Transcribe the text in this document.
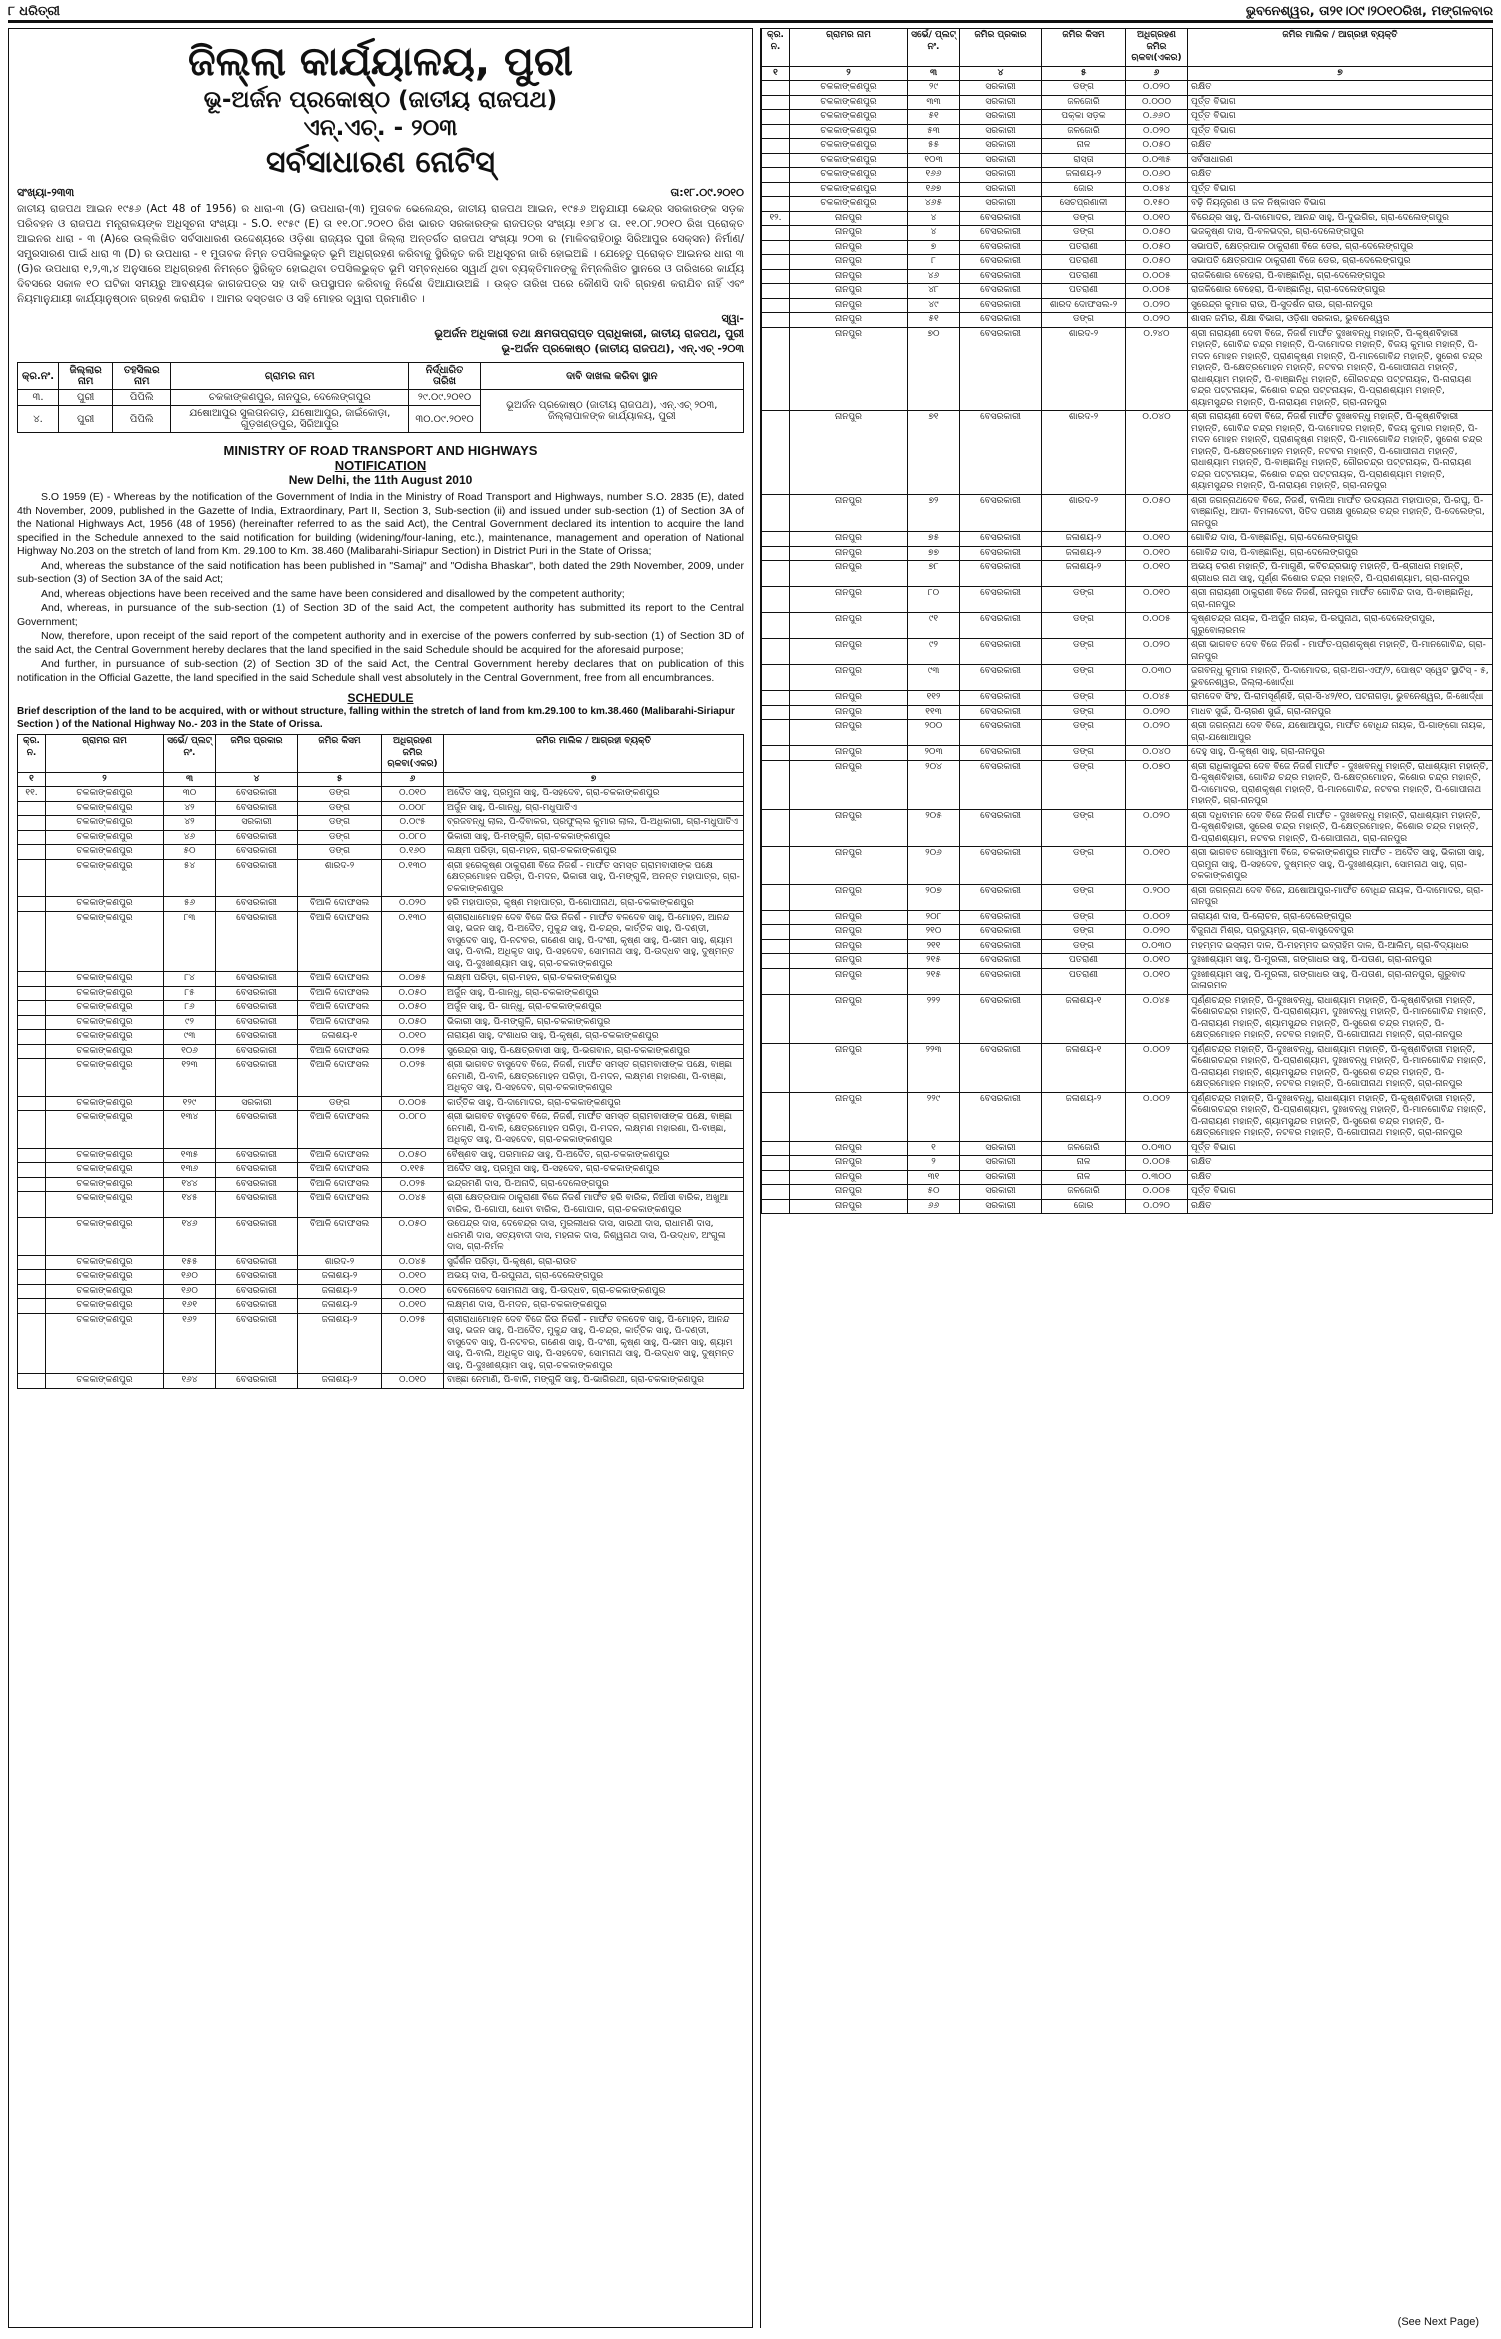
୮ ଧରିତ୍ରୀ	ଭୁବନେଶ୍ୱର, ତା୨୧।୦୯।୨୦୧୦ରିଖ, ମଙ୍ଗଳବାର
ଜିଲ୍ଲା କାର୍ଯ୍ୟାଳୟ, ପୁରୀ
ଭୂ-ଅର୍ଜନ ପ୍ରକୋଷ୍ଠ (ଜାତୀୟ ରାଜପଥ)
ଏନ୍.ଏଚ୍. - ୨୦୩
ସର୍ବସାଧାରଣ ନୋଟିସ୍
ସଂଖ୍ୟା-୨୩୩	ତା:୧୮.୦୯.୨୦୧୦
ଜାତୀୟ ରାଜପଥ ଆଇନ ୧୯୫୬ (Act 48 of 1956) ର ଧାରା-୩ (G) ଉପଧାରା-(୩) ମୁତାବକ ଭେଲେନ୍ଦ୍ର, ଜାତୀୟ ରାଜପଥ ଆଇନ, ୧୯୫୬ ଅନୁଯାୟୀ ଭେନ୍ଦ୍ର ସରକାରଙ୍କ ସଡ଼କ ପରିବହନ ଓ ରାଜପଥ ମନ୍ତ୍ରାଳୟଙ୍କ ଅଧିସୂଚନା ସଂଖ୍ୟା - S.O. ୧୯୫୯ (E) ତା ୧୧.୦୮.୨୦୧୦ ରିଖ ଭାରତ ସରକାରଙ୍କ ରାଜପତ୍ର ସଂଖ୍ୟା ୧୬୮୪ ତା. ୧୧.୦୮.୨୦୧୦ ରିଖ ପ୍ରୋକ୍ତ ଆଇନର ଧାରା - ୩ (A)ରେ ଉଲ୍ଲିଖିତ ସର୍ବସାଧାରଣ ଉଦ୍ଦେଶ୍ୟରେ ଓଡ଼ିଶା ରାଜ୍ୟର ପୁରୀ ଜିଲ୍ଲା ଅନ୍ତର୍ଗତ ରାଜପଥ ସଂଖ୍ୟା ୨୦୩ ର (ମାଳିବରାହିଠାରୁ ସିରିଆପୁର ସେକ୍ସନ) ନିର୍ମାଣ/ସମ୍ପ୍ରସାରଣ ପାଇଁ ଧାରା ୩ (D) ର ଉପଧାରା - ୧ ମୁତାବକ ନିମ୍ନ ତପସିଲଭୁକ୍ତ ଭୂମି ଅଧିଗ୍ରହଣ କରିବାକୁ ସ୍ଥିରିକୃତ କରି ଅଧିସୂଚନା ଜାରି ହୋଇଅଛି । ଯେହେତୁ ପ୍ରୋକ୍ତ ଆଇନର ଧାରା ୩ (G)ର ଉପଧାରା ୧,୨,୩,୪ ଅନୁସାରେ ଅଧିଗ୍ରହଣ ନିମନ୍ତେ ସ୍ଥିରିକୃତ ହୋଇଥିବା ତପସିଲଭୁକ୍ତ ଭୂମି ସମ୍ବନ୍ଧରେ ସ୍ୱାର୍ଥ ଥିବା ବ୍ୟକ୍ତିମାନଙ୍କୁ ନିମ୍ନଲିଖିତ ସ୍ଥାନରେ ଓ ତାରିଖରେ କାର୍ଯ୍ୟ ଦିବସରେ ସକାଳ ୧୦ ଘଟିକା ସମୟରୁ ଆବଶ୍ୟକ କାଗଜପତ୍ର ସହ ଦାବି ଉପସ୍ଥାପନ କରିବାକୁ ନିର୍ଦ୍ଦେଶ ଦିଆଯାଉଅଛି । ଉକ୍ତ ତାରିଖ ପରେ କୌଣସି ଦାବି ଗ୍ରହଣ କରାଯିବ ନାହିଁ ଏବଂ ନିୟମାନୁଯାୟୀ କାର୍ଯ୍ୟାନୁଷ୍ଠାନ ଗ୍ରହଣ କରାଯିବ । ଆମର ଦସ୍ତଖତ ଓ ସହି ମୋହର ଦ୍ୱାରା ପ୍ରମାଣିତ ।
ସ୍ୱା-
ଭୂଅର୍ଜନ ଅଧିକାରୀ ତଥା କ୍ଷମତାପ୍ରାପ୍ତ ପ୍ରାଧିକାରୀ, ଜାତୀୟ ରାଜପଥ, ପୁରୀ
ଭୂ-ଅର୍ଜନ ପ୍ରକୋଷ୍ଠ (ଜାତୀୟ ରାଜପଥ), ଏନ୍.ଏଚ୍ -୨୦୩
କ୍ର.ନଂ.	ଜିଲ୍ଲାର ନାମ	ତହସିଲର ନାମ	ଗ୍ରାମର ନାମ	ନିର୍ଦ୍ଧାରିତ ତାରିଖ	ଦାବି ଦାଖଲ କରିବା ସ୍ଥାନ
୩.	ପୁରୀ	ପିପିଲି	ଚକକାଙ୍କଣପୁର, ନାନପୁର, ଦେଲେଙ୍ଗପୁର	୨୯.୦୯.୨୦୧୦	ଭୂଅର୍ଜନ ପ୍ରକୋଷ୍ଠ (ଜାତୀୟ ରାଜପଥ), ଏନ୍.ଏଚ୍ ୨୦୩, ଜିଲ୍ଲାପାଳଙ୍କ କାର୍ଯ୍ୟାଳୟ, ପୁରୀ
୪.	ପୁରୀ	ପିପିଲି	ଯଷୋଆପୁର ସୁଲତାନଗଡ଼, ଯଷୋଆପୁର, ଜାଇଁକୋଡ଼ା, ଗୁଡ଼ଖଣ୍ଡପୁର, ସିରିଆପୁର	୩୦.୦୯.୨୦୧୦	
MINISTRY OF ROAD TRANSPORT AND HIGHWAYS
NOTIFICATION
New Delhi, the 11th August 2010
S.O 1959 (E) - Whereas by the notification of the Government of India in the Ministry of Road Transport and Highways, number S.O. 2835 (E), dated 4th November, 2009, published in the Gazette of India, Extraordinary, Part II, Section 3, Sub-section (ii) and issued under sub-section (1) of Section 3A of the National Highways Act, 1956 (48 of 1956) (hereinafter referred to as the said Act), the Central Government declared its intention to acquire the land specified in the Schedule annexed to the said notification for building (widening/four-laning, etc.), maintenance, management and operation of National Highway No.203 on the stretch of land from Km. 29.100 to Km. 38.460 (Malibarahi-Siriapur Section) in District Puri in the State of Orissa;
And, whereas the substance of the said notification has been published in "Samaj" and "Odisha Bhaskar", both dated the 29th November, 2009, under sub-section (3) of Section 3A of the said Act;
And, whereas objections have been received and the same have been considered and disallowed by the competent authority;
And, whereas, in pursuance of the sub-section (1) of Section 3D of the said Act, the competent authority has submitted its report to the Central Government;
Now, therefore, upon receipt of the said report of the competent authority and in exercise of the powers conferred by sub-section (1) of Section 3D of the said Act, the Central Government hereby declares that the land specified in the said Schedule should be acquired for the aforesaid purpose;
And further, in pursuance of sub-section (2) of Section 3D of the said Act, the Central Government hereby declares that on publication of this notification in the Official Gazette, the land specified in the said Schedule shall vest absolutely in the Central Government, free from all encumbrances.
SCHEDULE
Brief description of the land to be acquired, with or without structure, falling within the stretch of land from km.29.100 to km.38.460 (Malibarahi-Siriapur Section ) of the National Highway No.- 203 in the State of Orissa.
କ୍ର. ନ.	ଗ୍ରାମର ନାମ	ସର୍ଭେ/ ପ୍ଲଟ୍ ନଂ.	ଜମିର ପ୍ରକାର	ଜମିର କିସମ	ଅଧିଗ୍ରହଣ ଜମିର ଋକବା(ଏକର)	ଜମିର ମାଲିକ / ଆଗ୍ରହୀ ବ୍ୟକ୍ତି
୧	୨	୩	୪	୫	୬	୭
୧୧.	ଚକକାଙ୍କଣପୁର	୩୦	ବେସରକାରୀ	ଡଙ୍ଗ	୦.୦୧୦	ଅଦୈତ ସାହୁ, ପ୍ରମୁନା ସାହୁ, ପି-ସହଦେବ, ଗ୍ରା-ଚକକାଙ୍କଣପୁର
	ଚକକାଙ୍କଣପୁର	୪୨	ବେସରକାରୀ	ଡଙ୍ଗ	୦.୦୦୮	ଅର୍ଜୁନ ସାହୁ, ପି-ଗାନ୍ଧୁ, ଗ୍ରା-ମଧୁପାତିଏ
	ଚକକାଙ୍କଣପୁର	୪୨	ସରକାରୀ	ଡଙ୍ଗ	୦.୦୯୫	ବ୍ରଜବନ୍ଧୁ ଲାଲ, ପି-ଦିବାକର, ପ୍ରଫୁଲ୍ଲ କୁମାର ଲାଲ, ପି-ଅଧିକାରୀ, ଗ୍ରା-ମଧୁପାତିଏ
	ଚକକାଙ୍କଣପୁର	୪୬	ବେସରକାରୀ	ଡଙ୍ଗ	୦.୦୮୦	ଭିକାରୀ ସାହୁ, ପି-ମଙ୍ଗୁଳି, ଗ୍ରା-ଚକକାଙ୍କଣପୁର
	ଚକକାଙ୍କଣପୁର	୫୦	ବେସରକାରୀ	ଡଙ୍ଗ	୦.୧୬୦	ଲକ୍ଷ୍ମୀ ପରିଡ଼ା, ଗ୍ରା-ମହନ, ଗ୍ରା-ଚକକାଙ୍କଣପୁର
	ଚକକାଙ୍କଣପୁର	୫୪	ବେସରକାରୀ	ଶାରଦ-୨	୦.୧୩୦	ଶ୍ରୀ ହରେକୃଷ୍ଣ ଠାକୁରାଣୀ ବିଜେ ନିଜର୍ଶ - ମାର୍ଫତ ସମସ୍ତ ଗ୍ରାମବାସୀଙ୍କ ପକ୍ଷେ କ୍ଷେତ୍ରମୋହନ ପରିଡ଼ା, ପି-ମଦନ, ଭିକାରୀ ସାହୁ, ପି-ମଙ୍ଗୁଳି, ଅନନ୍ତ ମହାପାତ୍ର, ଗ୍ରା-ଚକକାଙ୍କଣପୁର
	ଚକକାଙ୍କଣପୁର	୫୬	ବେସରକାରୀ	ବିଆଳି ଦୋଫସଲ	୦.୦୨୦	ହରି ମହାପାତ୍ର, କୃଷ୍ଣ ମହାପାତ୍ର, ପି-ଗୋପୀନାଥ, ଗ୍ରା-ଚକକାଙ୍କଣପୁର
	ଚକକାଙ୍କଣପୁର	୮୩	ବେସରକାରୀ	ବିଆଳି ଦୋଫସଲ	୦.୧୩୦	ଶ୍ରୀରାଧାମୋହନ ଦେବ ବିଜେ ଜିଉ ନିଜର୍ଶ - ମାର୍ଫତ ବଳଦେବ ସାହୁ, ପି-ମୋହନ, ଆନନ୍ଦ ସାହୁ, ଭଜନ ସାହୁ, ପି-ଅଦୈତ, ମୁକୁନ୍ଦ ସାହୁ, ପି-ଚନ୍ଦ୍ର, କାର୍ତ୍ତିକ ସାହୁ, ପି-ଦଣ୍ଡୀ, ବାସୁଦେବ ସାହୁ, ପି-ନଟବର, ଗଣେଶ ସାହୁ, ପି-ଦଂଶୀ, କୃଷ୍ଣ ସାହୁ, ପି-ଭୀମ ସାହୁ, ଶ୍ୟାମ ସାହୁ, ପି-ବାଲି, ଅଧିକୃତ ସାହୁ, ପି-ସହଦେବ, ସୋମନାଥ ସାହୁ, ପି-ଉଦ୍ଧବ ସାହୁ, ଦୁଷ୍ମନ୍ତ ସାହୁ, ପି-ଦୁଃଖୀଶ୍ୟାମ ସାହୁ, ଗ୍ରା-ଚକକାଙ୍କଣପୁର
	ଚକକାଙ୍କଣପୁର	୮୪	ବେସରକାରୀ	ବିଆଳି ଦୋଫସଲ	୦.୦୭୫	ଲକ୍ଷ୍ମୀ ପରିଡ଼ା, ଗ୍ରା-ମହନ, ଗ୍ରା-ଚକକାଙ୍କଣପୁର
	ଚକକାଙ୍କଣପୁର	୮୫	ବେସରକାରୀ	ବିଆଳି ଦୋଫସଲ	୦.୦୫୦	ଅର୍ଜୁନ ସାହୁ, ପି-ଗାନ୍ଧୁ, ଗ୍ରା-ଚକକାଙ୍କଣପୁର
	ଚକକାଙ୍କଣପୁର	୮୬	ବେସରକାରୀ	ବିଆଳି ଦୋଫସଲ	୦.୦୫୦	ଅର୍ଜୁନ ସାହୁ, ପି- ଗାନ୍ଧୁ, ଗ୍ରା-ଚକକାଙ୍କଣପୁର
	ଚକକାଙ୍କଣପୁର	୯୨	ବେସରକାରୀ	ବିଆଳି ଦୋଫସଲ	୦.୦୫୦	ଭିକାରୀ ସାହୁ, ପି-ମଙ୍ଗୁଳି, ଗ୍ରା-ଚକକାଙ୍କଣପୁର
	ଚକକାଙ୍କଣପୁର	୯୩	ବେସରକାରୀ	ଜଳାଶୟ-୧	୦.୦୧୦	ନାରାୟଣ ସାହୁ, ଦଂଶାଧର ସାହୁ, ପି-କୃଷ୍ଣ, ଗ୍ରା-ଚକକାଙ୍କଣପୁର
	ଚକକାଙ୍କଣପୁର	୧୦୬	ବେସରକାରୀ	ବିଆଳି ଦୋଫସଲ	୦.୦୨୫	ସୁରେନ୍ଦ୍ର ସାହୁ, ପି-କ୍ଷେତ୍ରବାସୀ ସାହୁ, ପି-ଭଗବାନ, ଗ୍ରା-ଚକକାଙ୍କଣପୁର
	ଚକକାଙ୍କଣପୁର	୧୨୩	ବେସରକାରୀ	ବିଆଳି ଦୋଫସଲ	୦.୦୨୫	ଶ୍ରୀ ଭାଗବତ ବାସୁଦେବ ବିଜେ, ନିଜର୍ଶ, ମାର୍ଫତ ସମସ୍ତ ଗ୍ରାମବାସୀଙ୍କ ପକ୍ଷେ, ବାଞ୍ଛା ନେମାଣି, ପି-ବାଳି, କ୍ଷେତ୍ରମୋହନ ପରିଡ଼ା, ପି-ମଦନ, ଲକ୍ଷ୍ମଣ ମହାରଣା, ପି-ବାଞ୍ଛା, ଅଧିକୃତ ସାହୁ, ପି-ସହଦେବ, ଗ୍ରା-ଚକକାଙ୍କଣପୁର
	ଚକକାଙ୍କଣପୁର	୧୨୯	ସରକାରୀ	ଡଙ୍ଗ	୦.୦୦୫	କାର୍ତ୍ତିକ ସାହୁ, ପି-ଦାମୋଦର, ଗ୍ରା-ଚକକାଙ୍କଣପୁର
	ଚକକାଙ୍କଣପୁର	୧୩୪	ବେସରକାରୀ	ବିଆଳି ଦୋଫସଲ	୦.୦୮୦	ଶ୍ରୀ ଭାଗବତ ବାସୁଦେବ ବିଜେ, ନିଜର୍ଶ, ମାର୍ଫତ ସମସ୍ତ ଗ୍ରାମବାସୀଙ୍କ ପକ୍ଷେ, ବାଞ୍ଛା ନେମାଣି, ପି-ବାଳି, କ୍ଷେତ୍ରମୋହନ ପରିଡ଼ା, ପି-ମଦନ, ଲକ୍ଷ୍ମଣ ମହାରଣା, ପି-ବାଞ୍ଛା, ଅଧିକୃତ ସାହୁ, ପି-ସହଦେବ, ଗ୍ରା-ଚକକାଙ୍କଣପୁର
	ଚକକାଙ୍କଣପୁର	୧୩୫	ବେସରକାରୀ	ବିଆଳି ଦୋଫସଲ	୦.୦୫୦	ବୈଷ୍ଣବ ସାହୁ, ପରମାନନ୍ଦ ସାହୁ, ପି-ଅଦୈତ, ଗ୍ରା-ଚକକାଙ୍କଣପୁର
	ଚକକାଙ୍କଣପୁର	୧୩୬	ବେସରକାରୀ	ବିଆଳି ଦୋଫସଲ	୦.୧୧୫	ଅଦୈତ ସାହୁ, ପ୍ରମୁନା ସାହୁ, ପି-ସହଦେବ, ଗ୍ରା-ଚକକାଙ୍କଣପୁର
	ଚକକାଙ୍କଣପୁର	୧୪୪	ବେସରକାରୀ	ବିଆଳି ଦୋଫସଲ	୦.୦୨୫	ଇନ୍ଦ୍ରମଣି ଦାସ, ପି-ଅନାଦି, ଗ୍ରା-ଦେଲେଙ୍ଗପୁର
	ଚକକାଙ୍କଣପୁର	୧୪୫	ବେସରକାରୀ	ବିଆଳି ଦୋଫସଲ	୦.୦୪୫	ଶ୍ରୀ କ୍ଷେତ୍ରପାଳ ଠାକୁରାଣୀ ବିଜେ ନିଜର୍ଶ ମାର୍ଫତ ହରି ବାରିକ, ନିଆଁସୀ ବାରିକ, ଅଖୁଆ ବାରିକ, ପି-ଗୋପୀ, ଧୋବା ବାରିକ, ପି-ଗୋପାଳ, ଗ୍ରା-ଚକକାଙ୍କଣପୁର
	ଚକକାଙ୍କଣପୁର	୧୪୬	ବେସରକାରୀ	ବିଆଳି ଦୋଫସଲ	୦.୦୫୦	ଉପେନ୍ଦ୍ର ଦାସ, ଦେବେନ୍ଦ୍ର ଦାସ, ମୁରଲୀଧର ଦାସ, ସାରଥୀ ଦାସ, ରାଧାମଣି ଦାସ, ଧରମଣି ଦାସ, ସତ୍ୟବାଦୀ ଦାସ, ମହନାକ ଦାସ, ଜିଶ୍ୱନାଥ ଦାସ, ପି-ଉଦ୍ଧବ, ଅଂଗୁଳା ଦାସ, ଗ୍ରା-ନିର୍ମଳ
	ଚକକାଙ୍କଣପୁର	୧୫୫	ବେସରକାରୀ	ଶାରଦ-୨	୦.୦୪୫	ସୁର୍ଦ୍ଦର୍ଶନ ପରିଡ଼ା, ପି-କୃଷ୍ଣ, ଗ୍ରା-ରାଉତ
	ଚକକାଙ୍କଣପୁର	୧୬୦	ବେସରକାରୀ	ଜଳାଶୟ-୨	୦.୦୧୦	ଅଭୟ ଦାସ, ପି-ରଘୁନାଥ, ଗ୍ରା-ଦେଲେଙ୍ଗପୁର
	ଚକକାଙ୍କଣପୁର	୧୬୦	ବେସରକାରୀ	ଜଳାଶୟ-୨	୦.୦୧୦	ଦେବନୋବେଦ ସୋମନାଥ ସାହୁ, ପି-ଉଦ୍ଧବ, ଗ୍ରା-ଚକକାଙ୍କଣପୁର
	ଚକକାଙ୍କଣପୁର	୧୬୧	ବେସରକାରୀ	ଜଳାଶୟ-୨	୦.୦୧୦	ଲକ୍ଷ୍ମଣ ଦାସ, ପି-ମଦନ, ଗ୍ରା-ଚକକାଙ୍କଣପୁର
	ଚକକାଙ୍କଣପୁର	୧୬୨	ବେସରକାରୀ	ଜଳାଶୟ-୨	୦.୦୨୫	ଶ୍ରୀରାଧାମୋହନ ଦେବ ବିଜେ ଜିଉ ନିଜର୍ଶ - ମାର୍ଫତ ବଳଦେବ ସାହୁ, ପି-ମୋହନ, ଆନନ୍ଦ ସାହୁ, ଭଜନ ସାହୁ, ପି-ଅଦୈତ, ମୁକୁନ୍ଦ ସାହୁ, ପି-ଚନ୍ଦ୍ର, କାର୍ତ୍ତିକ ସାହୁ, ପି-ଦଣ୍ଡୀ, ବାସୁଦେବ ସାହୁ, ପି-ନଟବର, ଗଣେଶ ସାହୁ, ପି-ଦଂଶୀ, କୃଷ୍ଣ ସାହୁ, ପି-ଭୀମ ସାହୁ, ଶ୍ୟାମ ସାହୁ, ପି-ବାଲି, ଅଧିକୃତ ସାହୁ, ପି-ସହଦେବ, ସୋମନାଥ ସାହୁ, ପି-ଉଦ୍ଧବ ସାହୁ, ଦୁଷ୍ମନ୍ତ ସାହୁ, ପି-ଦୁଃଖୀଶ୍ୟାମ ସାହୁ, ଗ୍ରା-ଚକକାଙ୍କଣପୁର
	ଚକକାଙ୍କଣପୁର	୧୬୪	ବେସରକାରୀ	ଜଳାଶୟ-୨	୦.୦୧୦	ବାଞ୍ଛା ନେମାଣି, ପି-ବାଳି, ମଙ୍ଗୁଳି ସାହୁ, ପି-ଭାଗିରଥୀ, ଗ୍ରା-ଚକକାଙ୍କଣପୁର
କ୍ର. ନ.	ଗ୍ରାମର ନାମ	ସର୍ଭେ/ ପ୍ଲଟ୍ ନଂ.	ଜମିର ପ୍ରକାର	ଜମିର କିସମ	ଅଧିଗ୍ରହଣ ଜମିର ଋକବା(ଏକର)	ଜମିର ମାଲିକ / ଆଗ୍ରହୀ ବ୍ୟକ୍ତି
୧	୨	୩	୪	୫	୬	୭
	ଚକକାଙ୍କଣପୁର	୨୯	ସରକାରୀ	ଡଙ୍ଗ	୦.୦୨୦	ରକ୍ଷିତ
	ଚକକାଙ୍କଣପୁର	୩୩	ସରକାରୀ	ଜଳଜୋରି	୦.୦୦୦	ପୂର୍ତ୍ତ ବିଭାଗ
	ଚକକାଙ୍କଣପୁର	୫୧	ସରକାରୀ	ପକ୍କା ସଡ଼କ	୦.୬୬୦	ପୂର୍ତ୍ତ ବିଭାଗ
	ଚକକାଙ୍କଣପୁର	୫୩	ସରକାରୀ	ଜଳଜୋରି	୦.୦୨୦	ପୂର୍ତ୍ତ ବିଭାଗ
	ଚକକାଙ୍କଣପୁର	୫୫	ସରକାରୀ	ନାଳ	୦.୦୫୦	ରକ୍ଷିତ
	ଚକକାଙ୍କଣପୁର	୧୦୩	ସରକାରୀ	ରାସ୍ତା	୦.୦୩୫	ସର୍ବସାଧାରଣ
	ଚକକାଙ୍କଣପୁର	୧୬୬	ସରକାରୀ	ଜଳାଶୟ-୨	୦.୦୬୦	ରକ୍ଷିତ
	ଚକକାଙ୍କଣପୁର	୧୬୭	ସରକାରୀ	ଜୋର	୦.୦୫୪	ପୂର୍ତ୍ତ ବିଭାଗ
	ଚକକାଙ୍କଣପୁର	୪୬୫	ସରକାରୀ	ସେଚପ୍ରଣାଳୀ	୦.୧୫୦	ବଢ଼ି ନିୟନ୍ତ୍ରଣ ଓ ଜଳ ନିଷ୍କାସନ ବିଭାଗ
୧୨.	ନାନପୁର	୪	ବେସରକାରୀ	ଡଙ୍ଗ	୦.୦୧୦	ବିରେନ୍ଦ୍ର ସାହୁ, ପି-ଦାମୋଦର, ଆନନ୍ଦ ସାହୁ, ପି-ଦୁଇଗିର, ଗ୍ରା-ଦେଲେଙ୍ଗପୁର
	ନାନପୁର	୪	ବେସରକାରୀ	ଡଙ୍ଗ	୦.୦୫୦	ଭଜକୃଷ୍ଣ ଦାସ, ପି-ବଳଭଦ୍ର, ଗ୍ରା-ଦେଲେଙ୍ଗପୁର
	ନାନପୁର	୭	ବେସରକାରୀ	ପତରାଣୀ	୦.୦୫୦	ସଭାପତି, କ୍ଷେତ୍ରପାଳ ଠାକୁରାଣୀ ବିଜେ ଡେର, ଗ୍ରା-ଦେଲେଙ୍ଗପୁର
	ନାନପୁର	୮	ବେସରକାରୀ	ପତରାଣୀ	୦.୦୫୦	ସଭାପତି କ୍ଷେତ୍ରପାଳ ଠାକୁରାଣୀ ବିଜେ ଡେର, ଗ୍ରା-ଦେଲେଙ୍ଗପୁର
	ନାନପୁର	୪୬	ବେସରକାରୀ	ପତରାଣୀ	୦.୦୦୫	ରାଜକିଶୋର ବେହେରା, ପି-ବାଞ୍ଛାନିଧି, ଗ୍ରା-ଦେଲେଙ୍ଗପୁର
	ନାନପୁର	୪୮	ବେସରକାରୀ	ପତରାଣୀ	୦.୦୦୫	ରାଜକିଶୋର ବେହେରା, ପି-ବାଞ୍ଛାନିଧି, ଗ୍ରା-ଦେଲେଙ୍ଗପୁର
	ନାନପୁର	୪୯	ବେସରକାରୀ	ଶାରଦ ଦୋଫସଲ-୨	୦.୦୨୦	ସୁରେନ୍ଦ୍ର କୁମାର ରାଉ, ପି-ସୁଦର୍ଶନ ରାଉ, ଗ୍ରା-ନାନପୁର
	ନାନପୁର	୫୧	ବେସରକାରୀ	ଡଙ୍ଗ	୦.୦୨୦	ଶାସନ ଜମିର, ଶିକ୍ଷା ବିଭାଗ, ଓଡ଼ିଶା ସରକାର, ଭୁବନେଶ୍ୱର
	ନାନପୁର	୭୦	ବେସରକାରୀ	ଶାରଦ-୨	୦.୨୪୦	ଶ୍ରୀ ନାରାୟଣୀ ଦେବୀ ବିଜେ, ନିଜର୍ଶ ମାର୍ଫତ ଦୁଃଖବନ୍ଧୁ ମହାନ୍ତି, ପି-କୃଷ୍ଣବିହାରୀ ମହାନ୍ତି, ଗୋବିନ୍ଦ ଚନ୍ଦ୍ର ମହାନ୍ତି, ପି-ଦାମୋଦର ମହାନ୍ତି, ବିଜୟ କୁମାର ମହାନ୍ତି, ପି-ମଦନ ମୋହନ ମହାନ୍ତି, ପ୍ରାଣକୃଷ୍ଣ ମହାନ୍ତି, ପି-ମାନଗୋବିନ୍ଦ ମହାନ୍ତି, ସୁରେଶ ଚନ୍ଦ୍ର ମହାନ୍ତି, ପି-କ୍ଷେତ୍ରମୋହନ ମହାନ୍ତି, ନଟବର ମହାନ୍ତି, ପି-ଗୋପୀନାଥ ମହାନ୍ତି, ରାଧାଶ୍ୟାମ ମହାନ୍ତି, ପି-ବାଞ୍ଛାନିଧି ମହାନ୍ତି, ଗୌରଚନ୍ଦ୍ର ପଟ୍ଟନାୟକ, ପି-ନାରାୟଣ ଚନ୍ଦ୍ର ପଟ୍ଟନାୟକ, କିଶୋର ଚନ୍ଦ୍ର ପଟ୍ଟନାୟକ, ପି-ପ୍ରାଣଶ୍ୟାମ ମହାନ୍ତି, ଶ୍ୟାମସୁନ୍ଦର ମହାନ୍ତି, ପି-ନାରାୟଣ ମହାନ୍ତି, ଗ୍ରା-ନାନପୁର
	ନାନପୁର	୭୧	ବେସରକାରୀ	ଶାରଦ-୨	୦.୦୪୦	ଶ୍ରୀ ନାରାୟଣୀ ଦେବୀ ବିଜେ, ନିଜର୍ଶ ମାର୍ଫତ ଦୁଃଖବନ୍ଧୁ ମହାନ୍ତି, ପି-କୃଷ୍ଣବିହାରୀ ମହାନ୍ତି, ଗୋବିନ୍ଦ ଚନ୍ଦ୍ର ମହାନ୍ତି, ପି-ଦାମୋଦର ମହାନ୍ତି, ବିଜୟ କୁମାର ମହାନ୍ତି, ପି-ମଦନ ମୋହନ ମହାନ୍ତି, ପ୍ରାଣକୃଷ୍ଣ ମହାନ୍ତି, ପି-ମାନଗୋବିନ୍ଦ ମହାନ୍ତି, ସୁରେଶ ଚନ୍ଦ୍ର ମହାନ୍ତି, ପି-କ୍ଷେତ୍ରମୋହନ ମହାନ୍ତି, ନଟବର ମହାନ୍ତି, ପି-ଗୋପୀନାଥ ମହାନ୍ତି, ରାଧାଶ୍ୟାମ ମହାନ୍ତି, ପି-ବାଞ୍ଛାନିଧି ମହାନ୍ତି, ଗୌରଚନ୍ଦ୍ର ପଟ୍ଟନାୟକ, ପି-ନାରାୟଣ ଚନ୍ଦ୍ର ପଟ୍ଟନାୟକ, କିଶୋର ଚନ୍ଦ୍ର ପଟ୍ଟନାୟକ, ପି-ପ୍ରାଣଶ୍ୟାମ ମହାନ୍ତି, ଶ୍ୟାମସୁନ୍ଦର ମହାନ୍ତି, ପି-ନାରାୟଣ ମହାନ୍ତି, ଗ୍ରା-ନାନପୁର
	ନାନପୁର	୭୨	ବେସରକାରୀ	ଶାରଦ-୨	୦.୦୫୦	ଶ୍ରୀ ଜଗନ୍ନାଥଦେବ ବିଜେ, ନିଜର୍ଶ, ବାଲିଆ ମାର୍ଫତ ଉଦୟନାଥ ମହାପାତ୍ର, ପି-ରଘୁ, ପି-ବାଞ୍ଛାନିଧି, ଆଦୀ- ବିମଳାଦେବୀ, ସିତିଦ ପରୀକ୍ଷ ସୁରେନ୍ଦ୍ର ଚନ୍ଦ୍ର ମହାନ୍ତି, ପି-ଦେଲେଙ୍ଗ, ନାନପୁର
	ନାନପୁର	୭୫	ବେସରକାରୀ	ଜଳାଶୟ-୨	୦.୦୧୦	ଗୋବିନ୍ଦ ଦାସ, ପି-ବାଞ୍ଛାନିଧି, ଗ୍ରା-ଦେଲେଙ୍ଗପୁର
	ନାନପୁର	୭୭	ବେସରକାରୀ	ଜଳାଶୟ-୨	୦.୦୧୦	ଗୋବିନ୍ଦ ଦାସ, ପି-ବାଞ୍ଛାନିଧି, ଗ୍ରା-ଦେଲେଙ୍ଗପୁର
	ନାନପୁର	୭୮	ବେସରକାରୀ	ଜଳାଶୟ-୨	୦.୦୧୦	ଅଭୟ ଚରଣ ମହାନ୍ତି, ପି-ମାଗୁଣି, କବିଚନ୍ଦ୍ରଭାନୁ ମହାନ୍ତି, ପି-ଶ୍ରୀଧର ମହାନ୍ତି, ଶ୍ରୀଧର ନାଥ ସାହୁ, ପୂର୍ଣ୍ଣ କିଶୋର ଚନ୍ଦ୍ର ମହାନ୍ତି, ପି-ପ୍ରାଣଶ୍ୟାମ, ଗ୍ରା-ନାନପୁର
	ନାନପୁର	୮୦	ବେସରକାରୀ	ଡଙ୍ଗ	୦.୦୧୦	ଶ୍ରୀ ନାରାୟଣୀ ଠାକୁରାଣୀ ବିଜେ ନିଜର୍ଶ, ନାନପୁର ମାର୍ଫତ ଗୋବିନ୍ଦ ଦାସ, ପି-ବାଞ୍ଛାନିଧି, ଗ୍ରା-ନାନପୁର
	ନାନପୁର	୯୧	ବେସରକାରୀ	ଡଙ୍ଗ	୦.୦୦୫	କୃଷ୍ଣଚନ୍ଦ୍ର ନାୟକ, ପି-ଅର୍ଜୁନ ନାୟକ, ପି-ରଘୁନାଥ, ଗ୍ରା-ଦେଲେଙ୍ଗପୁର, ଗୁରୁବୋଲାରମଳ
	ନାନପୁର	୯୨	ବେସରକାରୀ	ଡଙ୍ଗ	୦.୦୨୦	ଶ୍ରୀ ଭାଗବତ ଦେବ ବିଜେ ନିଜର୍ଶ - ମାର୍ଫତ-ପ୍ରାଣକୃଷ୍ଣ ମହାନ୍ତି, ପି-ମାନଗୋବିନ୍ଦ, ଗ୍ରା-ନାନପୁର
	ନାନପୁର	୯୩	ବେସରକାରୀ	ଡଙ୍ଗ	୦.୦୩୦	ଜଗବନ୍ଧୁ କୁମାର ମହାନ୍ତି, ପି-ଦାମୋଦର, ଗ୍ରା-ଅଗ-ଏଫ୍/୨, ପୋଷ୍ଟ ସ୍ୱେଟ ସ୍ଥାଟିସ୍ - ୫, ଭୁବନେଶ୍ୱର, ଜିଲ୍ଲା-ଖୋର୍ଦ୍ଧା
	ନାନପୁର	୧୧୨	ବେସରକାରୀ	ଡଙ୍ଗ	୦.୦୪୫	ରାମଦେବ ସିଂହ, ପି-ରାମସୂର୍ଣ୍ଣହି, ଗ୍ରା-ସି-୪୨/୧୦, ପଟନାଗଡ଼ା, ଭୁବନେଶ୍ୱର, ଜି-ଖୋର୍ଦ୍ଧା
	ନାନପୁର	୧୧୩	ବେସରକାରୀ	ଡଙ୍ଗ	୦.୦୨୦	ମାଧବ ସୁଇଁ, ପି-ଚାରଣ ସୁଇଁ, ଗ୍ରା-ନାନପୁର
	ନାନପୁର	୨୦୦	ବେସରକାରୀ	ଡଙ୍ଗ	୦.୦୨୦	ଶ୍ରୀ ଜଗନ୍ନାଥ ଦେବ ବିଜେ, ଯଷୋଆପୁର, ମାର୍ଫତ ବୋଧିନ୍ଦ ନାୟକ, ପି-ଗାଙ୍ଗୋ ନାୟକ, ଗ୍ରା-ଯଷୋଆପୁର
	ନାନପୁର	୨୦୩	ବେସରକାରୀ	ଡଙ୍ଗ	୦.୦୪୦	ଦେହୁ ସାହୁ, ପି-କୃଷ୍ଣ ସାହୁ, ଗ୍ରା-ନାନପୁର
	ନାନପୁର	୨୦୪	ବେସରକାରୀ	ଡଙ୍ଗ	୦.୦୭୦	ଶ୍ରୀ ରାଧିକାସୁନ୍ଦର ଦେବ ବିଜେ ନିଜର୍ଶ ମାର୍ଫତ - ଦୁଃଖବନ୍ଧୁ ମହାନ୍ତି, ରାଧାଶ୍ୟାମ ମହାନ୍ତି, ପି-କୃଷ୍ଣବିହାରୀ, ଗୋବିନ୍ଦ ଚନ୍ଦ୍ର ମହାନ୍ତି, ପି-କ୍ଷେତ୍ରମୋହନ, କିଶୋର ଚନ୍ଦ୍ର ମହାନ୍ତି, ପି-ଦାମୋଦର, ପ୍ରାଣକୃଷ୍ଣ ମହାନ୍ତି, ପି-ମାନଗୋବିନ୍ଦ, ନଟବର ମହାନ୍ତି, ପି-ଗୋପୀନାଥ ମହାନ୍ତି, ଗ୍ରା-ନାନପୁର
	ନାନପୁର	୨୦୫	ବେସରକାରୀ	ଡଙ୍ଗ	୦.୦୨୦	ଶ୍ରୀ ଦଧିବାମନ ଦେବ ବିଜେ ନିଜର୍ଶ ମାର୍ଫତ - ଦୁଃଖବନ୍ଧୁ ମହାନ୍ତି, ରାଧାଶ୍ୟାମ ମହାନ୍ତି, ପି-କୃଷ୍ଣବିହାରୀ, ସୁରେଶ ଚନ୍ଦ୍ର ମହାନ୍ତି, ପି-କ୍ଷେତ୍ରମୋହନ, କିଶୋର ଚନ୍ଦ୍ର ମହାନ୍ତି, ପି-ପ୍ରାଣଶ୍ୟାମ, ନଟବର ମହାନ୍ତି, ପି-ଗୋପୀନାଥ, ଗ୍ରା-ନାନପୁର
	ନାନପୁର	୨୦୬	ବେସରକାରୀ	ଡଙ୍ଗ	୦.୦୧୦	ଶ୍ରୀ ଭାଗବତ ଗୋସ୍ୱାମୀ ବିଜେ, ଚକକାଙ୍କଣପୁର ମାର୍ଫତ - ଅଦୈତ ସାହୁ, ଭିକାରୀ ସାହୁ, ପ୍ରମୁନା ସାହୁ, ପି-ସହଦେବ, ଦୁଷ୍ମନ୍ତ ସାହୁ, ପି-ଦୁଃଖୀଶ୍ୟାମ, ସୋମନାଥ ସାହୁ, ଗ୍ରା-ଚକକାଙ୍କଣପୁର
	ନାନପୁର	୨୦୭	ବେସରକାରୀ	ଡଙ୍ଗ	୦.୨୦୦	ଶ୍ରୀ ଜଗନ୍ନାଥ ଦେବ ବିଜେ, ଯଷୋଆପୁର-ମାର୍ଫତ ବୋଧିନ୍ଦ ନାୟକ, ପି-ଦାମୋଦର, ଗ୍ରା-ନାନପୁର
	ନାନପୁର	୨୦୮	ବେସରକାରୀ	ଡଙ୍ଗ	୦.୦୦୨	ନାରାୟଣ ଦାସ, ପି-ଲୋଚନ, ଗ୍ରା-ଦେଲେଙ୍ଗପୁର
	ନାନପୁର	୨୧୦	ବେସରକାରୀ	ଡଙ୍ଗ	୦.୦୨୦	ବିଜୁନାଥ ମିଶ୍ର, ପ୍ରଦ୍ୟୁମ୍ନ, ଗ୍ରା-ବାସୁଦେବପୁର
	ନାନପୁର	୨୧୧	ବେସରକାରୀ	ଡଙ୍ଗ	୦.୦୩୦	ମହମ୍ମଦ ଇସ୍ଲାମ ଦାଳ, ପି-ମହମ୍ମଦ ଇବ୍ରାହିମ ଦାଳ, ପି-ଆଲିମ୍, ଗ୍ରା-ବିଦ୍ୟାଧର
	ନାନପୁର	୨୧୫	ବେସରକାରୀ	ପତରାଣୀ	୦.୦୧୦	ଦୁଃଖୀଶ୍ୟାମ ସାହୁ, ପି-ମୁରଲୀ, ଗଙ୍ଗାଧର ସାହୁ, ପି-ପତାଣ, ଗ୍ରା-ନାନପୁର
	ନାନପୁର	୨୧୫	ବେସରକାରୀ	ପତରାଣୀ	୦.୦୧୦	ଦୁଃଖୀଶ୍ୟାମ ସାହୁ, ପି-ମୁରଲୀ, ଗଙ୍ଗାଧର ସାହୁ, ପି-ପତାଣ, ଗ୍ରା-ନାନପୁର, ଗୁରୁବାଦ ଜାଳାରମଳ
	ନାନପୁର	୨୨୨	ବେସରକାରୀ	ଜଳାଶୟ-୧	୦.୦୪୫	ପୂର୍ଣ୍ଣଚନ୍ଦ୍ର ମହାନ୍ତି, ପି-ଦୁଃଖବନ୍ଧୁ, ରାଧାଶ୍ୟାମ ମହାନ୍ତି, ପି-କୃଷ୍ଣବିହାରୀ ମହାନ୍ତି, କିଶୋରଚନ୍ଦ୍ର ମହାନ୍ତି, ପି-ପ୍ରାଣଶ୍ୟାମ, ଦୁଃଖବନ୍ଧୁ ମହାନ୍ତି, ପି-ମାନଗୋବିନ୍ଦ ମହାନ୍ତି, ପି-ନାରାୟଣ ମହାନ୍ତି, ଶ୍ୟାମସୁନ୍ଦର ମହାନ୍ତି, ପି-ସୁରେଶ ଚନ୍ଦ୍ର ମହାନ୍ତି, ପି-କ୍ଷେତ୍ରମୋହନ ମହାନ୍ତି, ନଟବର ମହାନ୍ତି, ପି-ଗୋପୀନାଥ ମହାନ୍ତି, ଗ୍ରା-ନାନପୁର
	ନାନପୁର	୨୨୩	ବେସରକାରୀ	ଜଳାଶୟ-୧	୦.୦୦୨	ପୂର୍ଣ୍ଣଚନ୍ଦ୍ର ମହାନ୍ତି, ପି-ଦୁଃଖବନ୍ଧୁ, ରାଧାଶ୍ୟାମ ମହାନ୍ତି, ପି-କୃଷ୍ଣବିହାରୀ ମହାନ୍ତି, କିଶୋରଚନ୍ଦ୍ର ମହାନ୍ତି, ପି-ପ୍ରାଣଶ୍ୟାମ, ଦୁଃଖବନ୍ଧୁ ମହାନ୍ତି, ପି-ମାନଗୋବିନ୍ଦ ମହାନ୍ତି, ପି-ନାରାୟଣ ମହାନ୍ତି, ଶ୍ୟାମସୁନ୍ଦର ମହାନ୍ତି, ପି-ସୁରେଶ ଚନ୍ଦ୍ର ମହାନ୍ତି, ପି-କ୍ଷେତ୍ରମୋହନ ମହାନ୍ତି, ନଟବର ମହାନ୍ତି, ପି-ଗୋପୀନାଥ ମହାନ୍ତି, ଗ୍ରା-ନାନପୁର
	ନାନପୁର	୨୨୯	ବେସରକାରୀ	ଜଳାଶୟ-୨	୦.୦୦୨	ପୂର୍ଣ୍ଣଚନ୍ଦ୍ର ମହାନ୍ତି, ପି-ଦୁଃଖବନ୍ଧୁ, ରାଧାଶ୍ୟାମ ମହାନ୍ତି, ପି-କୃଷ୍ଣବିହାରୀ ମହାନ୍ତି, କିଶୋରଚନ୍ଦ୍ର ମହାନ୍ତି, ପି-ପ୍ରାଣଶ୍ୟାମ, ଦୁଃଖବନ୍ଧୁ ମହାନ୍ତି, ପି-ମାନଗୋବିନ୍ଦ ମହାନ୍ତି, ପି-ନାରାୟଣ ମହାନ୍ତି, ଶ୍ୟାମସୁନ୍ଦର ମହାନ୍ତି, ପି-ସୁରେଶ ଚନ୍ଦ୍ର ମହାନ୍ତି, ପି-କ୍ଷେତ୍ରମୋହନ ମହାନ୍ତି, ନଟବର ମହାନ୍ତି, ପି-ଗୋପୀନାଥ ମହାନ୍ତି, ଗ୍ରା-ନାନପୁର
	ନାନପୁର	୧	ସରକାରୀ	ଜଳଜୋରି	୦.୦୩୦	ପୂର୍ତ୍ତ ବିଭାଗ
	ନାନପୁର	୨	ସରକାରୀ	ନାଳ	୦.୦୦୫	ରକ୍ଷିତ
	ନାନପୁର	୩୧	ସରକାରୀ	ନାଳ	୦.୩୦୦	ରକ୍ଷିତ
	ନାନପୁର	୫୦	ସରକାରୀ	ଜଳଜୋରି	୦.୦୦୫	ପୂର୍ତ୍ତ ବିଭାଗ
	ନାନପୁର	୬୬	ସରକାରୀ	ଜୋର	୦.୦୨୦	ରକ୍ଷିତ
(See Next Page)
